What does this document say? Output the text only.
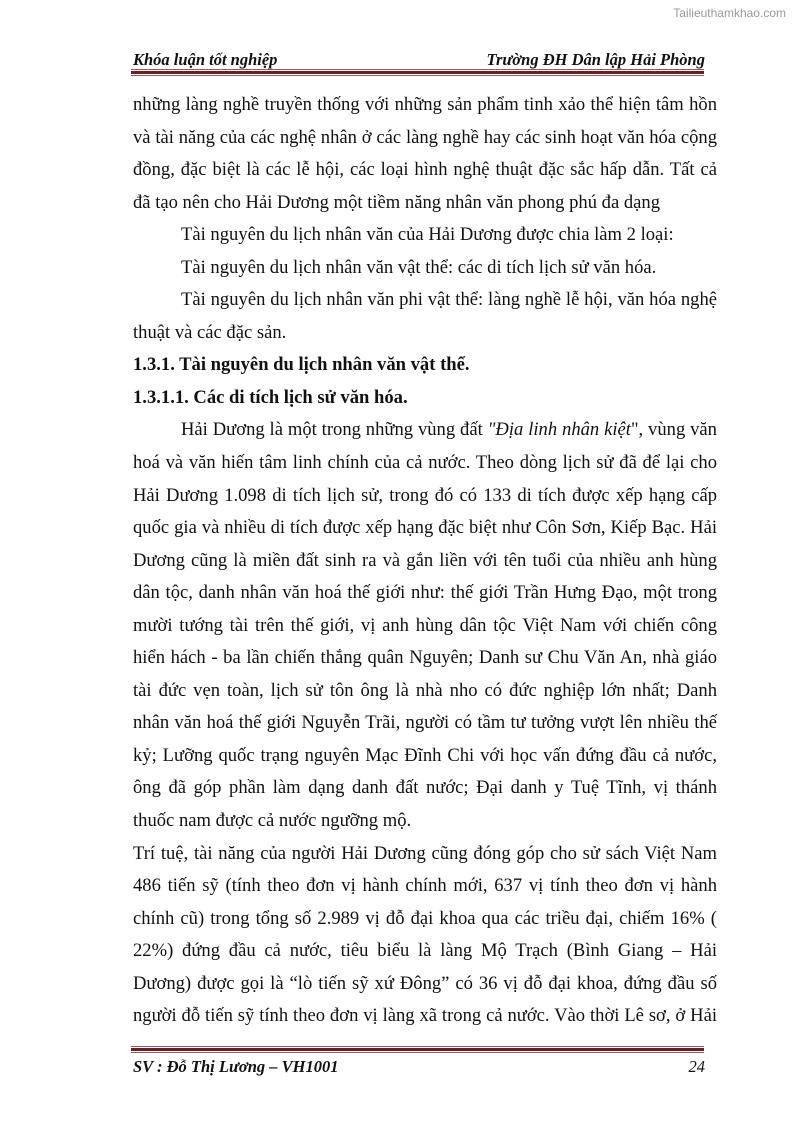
Tailieuthamkhao.com
Khóa luận tốt nghiệp	Trường ĐH Dân lập Hải Phòng
những làng nghề truyền thống với những sản phẩm tinh xảo thể hiện tâm hồn
và tài năng của các nghệ nhân ở các làng nghề hay các sinh hoạt văn hóa cộng
đồng, đặc biệt là các lễ hội, các loại hình nghệ thuật đặc sắc hấp dẫn. Tất cả
đã tạo nên cho Hải Dương một tiềm năng nhân văn phong phú đa dạng
Tài nguyên du lịch nhân văn của Hải Dương được chia làm 2 loại:
Tài nguyên du lịch nhân văn vật thể: các di tích lịch sử văn hóa.
Tài nguyên du lịch nhân văn phi vật thể: làng nghề lễ hội, văn hóa nghệ
thuật và các đặc sản.
1.3.1. Tài nguyên du lịch nhân văn vật thể.
1.3.1.1. Các di tích lịch sử văn hóa.
Hải Dương là một trong những vùng đất "Địa linh nhân kiệt", vùng văn
hoá và văn hiến tâm linh chính của cả nước. Theo dòng lịch sử đã để lại cho
Hải Dương 1.098 di tích lịch sử, trong đó có 133 di tích được xếp hạng cấp
quốc gia và nhiều di tích được xếp hạng đặc biệt như Côn Sơn, Kiếp Bạc. Hải
Dương cũng là miền đất sinh ra và gắn liền với tên tuổi của nhiều anh hùng
dân tộc, danh nhân văn hoá thế giới như: thế giới Trần Hưng Đạo, một trong
mười tướng tài trên thế giới, vị anh hùng dân tộc Việt Nam với chiến công
hiển hách - ba lần chiến thắng quân Nguyên; Danh sư Chu Văn An, nhà giáo
tài đức vẹn toàn, lịch sử tôn ông là nhà nho có đức nghiệp lớn nhất; Danh
nhân văn hoá thế giới Nguyễn Trãi, người có tầm tư tưởng vượt lên nhiều thế
kỷ; Lưỡng quốc trạng nguyên Mạc Đĩnh Chi với học vấn đứng đầu cả nước,
ông đã góp phần làm dạng danh đất nước; Đại danh y Tuệ Tĩnh, vị thánh
thuốc nam được cả nước ngưỡng mộ.
Trí tuệ, tài năng của người Hải Dương cũng đóng góp cho sử sách Việt Nam
486 tiến sỹ (tính theo đơn vị hành chính mới, 637 vị tính theo đơn vị hành
chính cũ) trong tổng số 2.989 vị đỗ đại khoa qua các triều đại, chiếm 16% (
22%) đứng đầu cả nước, tiêu biểu là làng Mộ Trạch (Bình Giang – Hải
Dương) được gọi là “lò tiến sỹ xứ Đông” có 36 vị đỗ đại khoa, đứng đầu số
người đỗ tiến sỹ tính theo đơn vị làng xã trong cả nước. Vào thời Lê sơ, ở Hải
SV : Đỗ Thị Lương – VH1001	24
